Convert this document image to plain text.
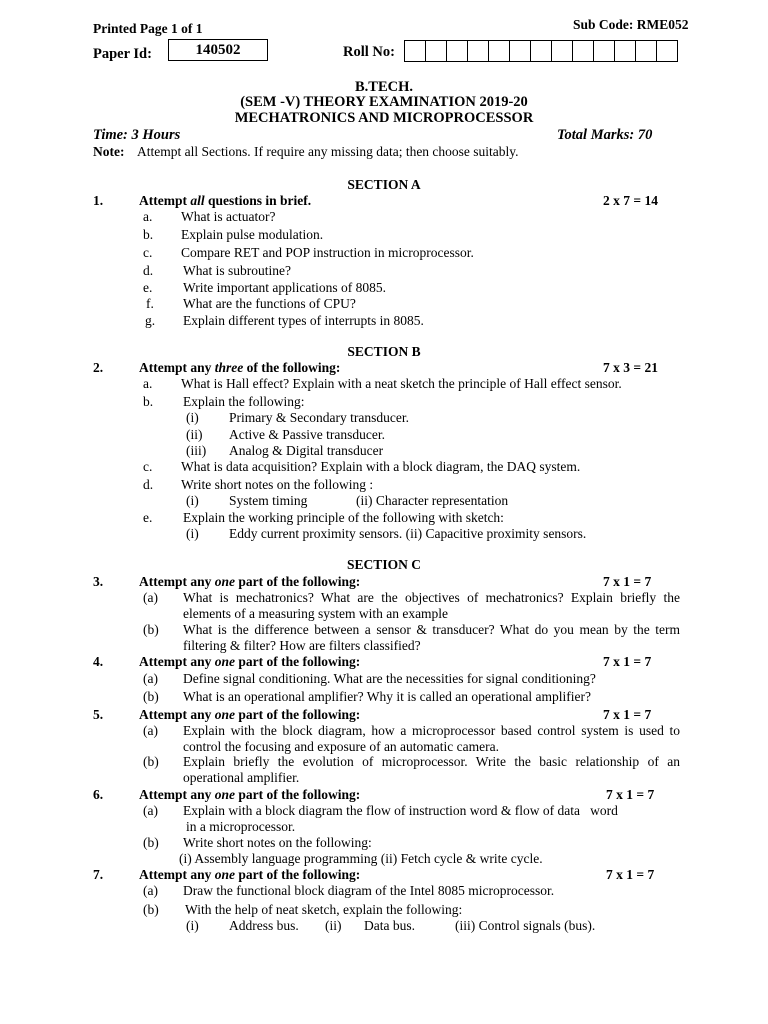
Printed Page 1 of 1	Sub Code: RME052
Paper Id:	140502	Roll No:
B.TECH.
(SEM -V) THEORY EXAMINATION 2019-20
MECHATRONICS AND MICROPROCESSOR
Time: 3 Hours	Total Marks: 70
Note: Attempt all Sections. If require any missing data; then choose suitably.
SECTION A
1.	Attempt all questions in brief.	2 x 7 = 14
a. What is actuator?
b. Explain pulse modulation.
c. Compare RET and POP instruction in microprocessor.
d. What is subroutine?
e. Write important applications of 8085.
f. What are the functions of CPU?
g. Explain different types of interrupts in 8085.
SECTION B
2.	Attempt any three of the following:	7 x 3 = 21
a. What is Hall effect? Explain with a neat sketch the principle of Hall effect sensor.
b. Explain the following:
(i) Primary & Secondary transducer.
(ii) Active & Passive transducer.
(iii) Analog & Digital transducer
c. What is data acquisition? Explain with a block diagram, the DAQ system.
d. Write short notes on the following :
(i) System timing	(ii) Character representation
e. Explain the working principle of the following with sketch:
(i) Eddy current proximity sensors. (ii) Capacitive proximity sensors.
SECTION C
3.	Attempt any one part of the following:	7 x 1 = 7
(a) What is mechatronics? What are the objectives of mechatronics? Explain briefly the elements of a measuring system with an example
(b) What is the difference between a sensor & transducer? What do you mean by the term filtering & filter? How are filters classified?
4.	Attempt any one part of the following:	7 x 1 = 7
(a) Define signal conditioning. What are the necessities for signal conditioning?
(b) What is an operational amplifier? Why it is called an operational amplifier?
5.	Attempt any one part of the following:	7 x 1 = 7
(a) Explain with the block diagram, how a microprocessor based control system is used to control the focusing and exposure of an automatic camera.
(b) Explain briefly the evolution of microprocessor. Write the basic relationship of an operational amplifier.
6.	Attempt any one part of the following:	7 x 1 = 7
(a) Explain with a block diagram the flow of instruction word & flow of data   word
in a microprocessor.
(b) Write short notes on the following:
(i) Assembly language programming (ii) Fetch cycle & write cycle.
7.	Attempt any one part of the following:	7 x 1 = 7
(a) Draw the functional block diagram of the Intel 8085 microprocessor.
(b) With the help of neat sketch, explain the following:
(i) Address bus. (ii) Data bus.	(iii) Control signals (bus).
